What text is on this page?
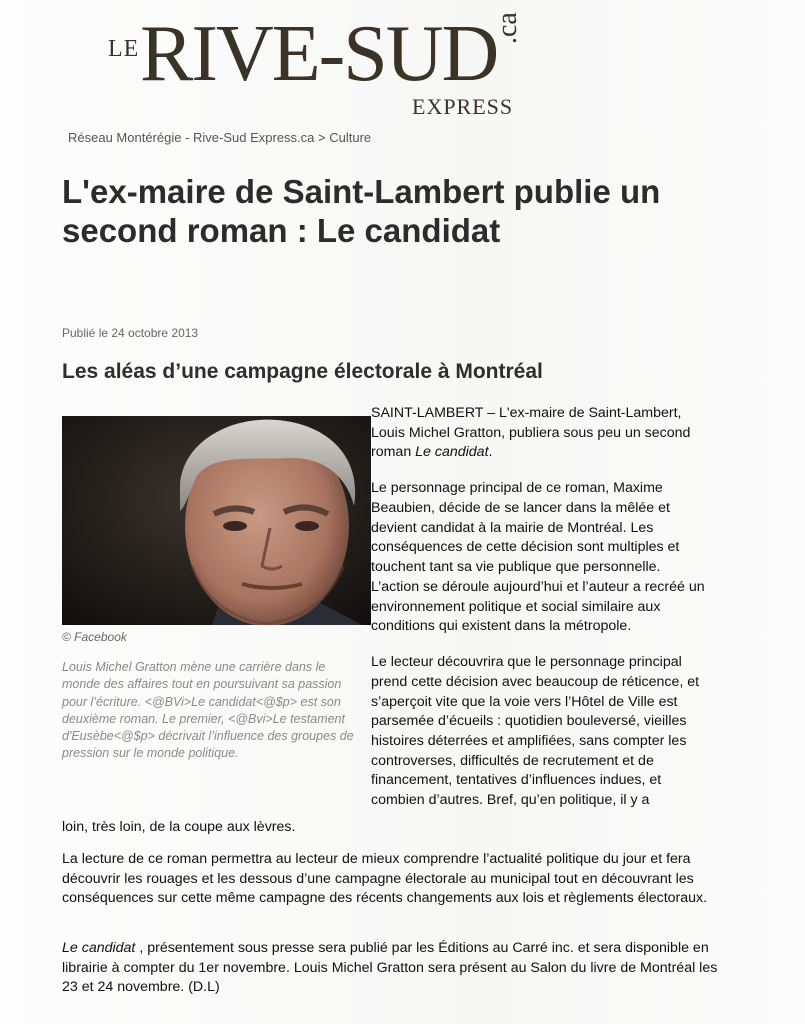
LE RIVE-SUD
.ca
EXPRESS
Réseau Montérégie - Rive-Sud Express.ca > Culture
L'ex-maire de Saint-Lambert publie un second roman : Le candidat
Publié le 24 octobre 2013
Les aléas d’une campagne électorale à Montréal
© Facebook

Louis Michel Gratton mène une carrière dans le monde des affaires tout en poursuivant sa passion pour l’écriture. <@BVi>Le candidat<@$p> est son deuxième roman. Le premier, <@Bvi>Le testament d'Eusèbe<@$p> décrivait l’influence des groupes de pression sur le monde politique.

SAINT-LAMBERT – L'ex-maire de Saint-Lambert, Louis Michel Gratton, publiera sous peu un second roman Le candidat.

Le personnage principal de ce roman, Maxime Beaubien, décide de se lancer dans la mêlée et devient candidat à la mairie de Montréal. Les conséquences de cette décision sont multiples et touchent tant sa vie publique que personnelle. L’action se déroule aujourd’hui et l’auteur a recréé un environnement politique et social similaire aux conditions qui existent dans la métropole.

Le lecteur découvrira que le personnage principal prend cette décision avec beaucoup de réticence, et s’aperçoit vite que la voie vers l’Hôtel de Ville est parsemée d’écueils : quotidien bouleversé, vieilles histoires déterrées et amplifiées, sans compter les controverses, difficultés de recrutement et de financement, tentatives d’influences indues, et combien d’autres. Bref, qu’en politique, il y a

loin, très loin, de la coupe aux lèvres.

La lecture de ce roman permettra au lecteur de mieux comprendre l’actualité politique du jour et fera découvrir les rouages et les dessous d’une campagne électorale au municipal tout en découvrant les conséquences sur cette même campagne des récents changements aux lois et règlements électoraux.

Le candidat , présentement sous presse sera publié par les Éditions au Carré inc. et sera disponible en librairie à compter du 1er novembre. Louis Michel Gratton sera présent au Salon du livre de Montréal les 23 et 24 novembre. (D.L)
